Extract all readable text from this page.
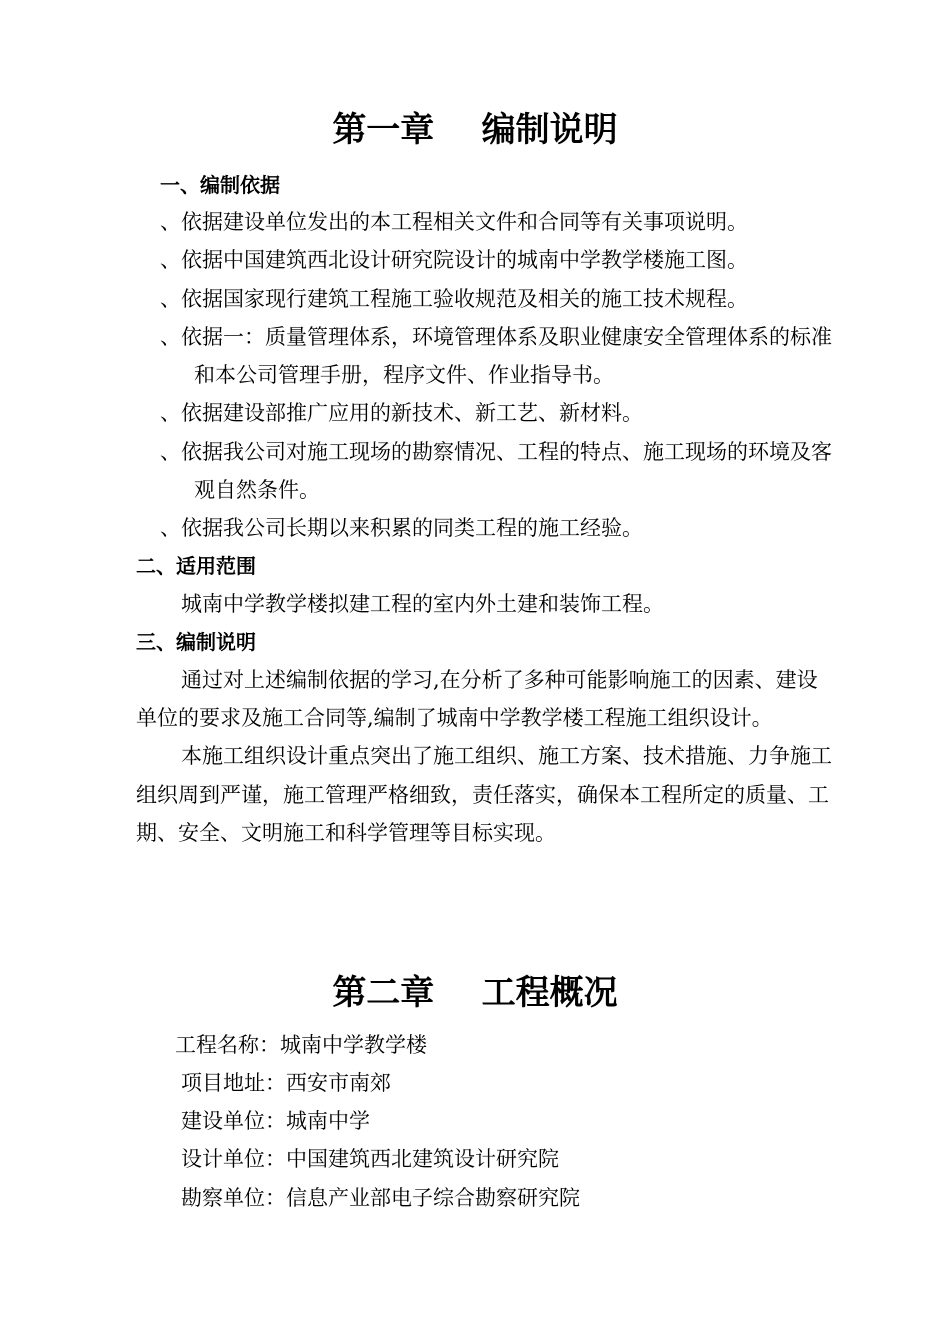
第一章    编制说明
一、编制依据
、依据建设单位发出的本工程相关文件和合同等有关事项说明。
、依据中国建筑西北设计研究院设计的城南中学教学楼施工图。
、依据国家现行建筑工程施工验收规范及相关的施工技术规程。
、依据一：质量管理体系，环境管理体系及职业健康安全管理体系的标准
和本公司管理手册，程序文件、作业指导书。
、依据建设部推广应用的新技术、新工艺、新材料。
、依据我公司对施工现场的勘察情况、工程的特点、施工现场的环境及客
观自然条件。
、依据我公司长期以来积累的同类工程的施工经验。
二、适用范围
城南中学教学楼拟建工程的室内外土建和装饰工程。
三、编制说明
通过对上述编制依据的学习,在分析了多种可能影响施工的因素、建设
单位的要求及施工合同等,编制了城南中学教学楼工程施工组织设计。
本施工组织设计重点突出了施工组织、施工方案、技术措施、力争施工
组织周到严谨，施工管理严格细致，责任落实，确保本工程所定的质量、工
期、安全、文明施工和科学管理等目标实现。
第二章    工程概况
工程名称：城南中学教学楼
项目地址：西安市南郊
建设单位：城南中学
设计单位：中国建筑西北建筑设计研究院
勘察单位：信息产业部电子综合勘察研究院
